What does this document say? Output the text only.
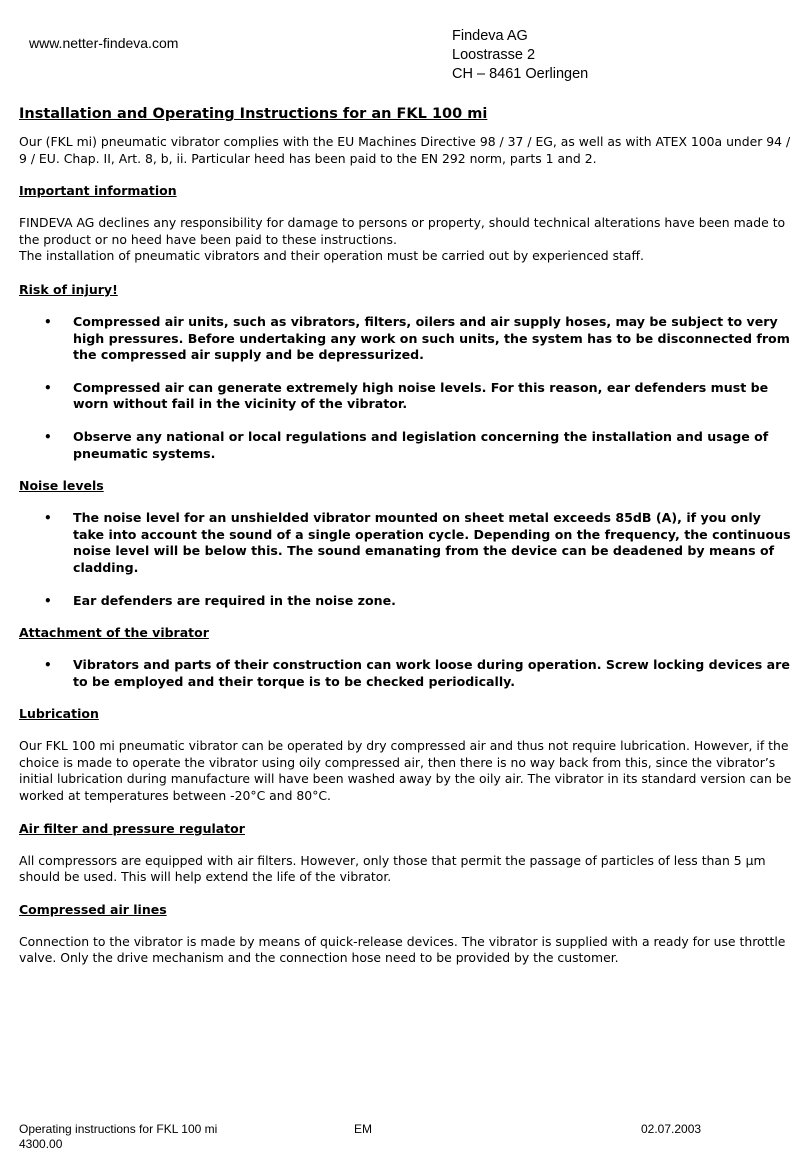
www.netter-findeva.com	Findeva AG
Loostrasse 2
CH – 8461 Oerlingen
Installation and Operating Instructions for an FKL 100 mi

Our (FKL mi) pneumatic vibrator complies with the EU Machines Directive 98 / 37 / EG, as well as with ATEX 100a under 94 / 9 / EU. Chap. II, Art. 8, b, ii. Particular heed has been paid to the EN 292 norm, parts 1 and 2.

Important information

FINDEVA AG declines any responsibility for damage to persons or property, should technical alterations have been made to the product or no heed have been paid to these instructions.
The installation of pneumatic vibrators and their operation must be carried out by experienced staff.

Risk of injury!
• Compressed air units, such as vibrators, filters, oilers and air supply hoses, may be subject to very high pressures. Before undertaking any work on such units, the system has to be disconnected from the compressed air supply and be depressurized.
• Compressed air can generate extremely high noise levels. For this reason, ear defenders must be worn without fail in the vicinity of the vibrator.
• Observe any national or local regulations and legislation concerning the installation and usage of pneumatic systems.
Noise levels
• The noise level for an unshielded vibrator mounted on sheet metal exceeds 85dB (A), if you only take into account the sound of a single operation cycle. Depending on the frequency, the continuous noise level will be below this. The sound emanating from the device can be deadened by means of cladding.
• Ear defenders are required in the noise zone.
Attachment of the vibrator
• Vibrators and parts of their construction can work loose during operation. Screw locking devices are to be employed and their torque is to be checked periodically.
Lubrication

Our FKL 100 mi pneumatic vibrator can be operated by dry compressed air and thus not require lubrication. However, if the choice is made to operate the vibrator using oily compressed air, then there is no way back from this, since the vibrator’s initial lubrication during manufacture will have been washed away by the oily air. The vibrator in its standard version can be worked at temperatures between -20°C and 80°C.

Air filter and pressure regulator

All compressors are equipped with air filters. However, only those that permit the passage of particles of less than 5 µm should be used. This will help extend the life of the vibrator.

Compressed air lines

Connection to the vibrator is made by means of quick-release devices. The vibrator is supplied with a ready for use throttle valve. Only the drive mechanism and the connection hose need to be provided by the customer.

Operating instructions for FKL 100 mi	EM	02.07.2003
4300.00
